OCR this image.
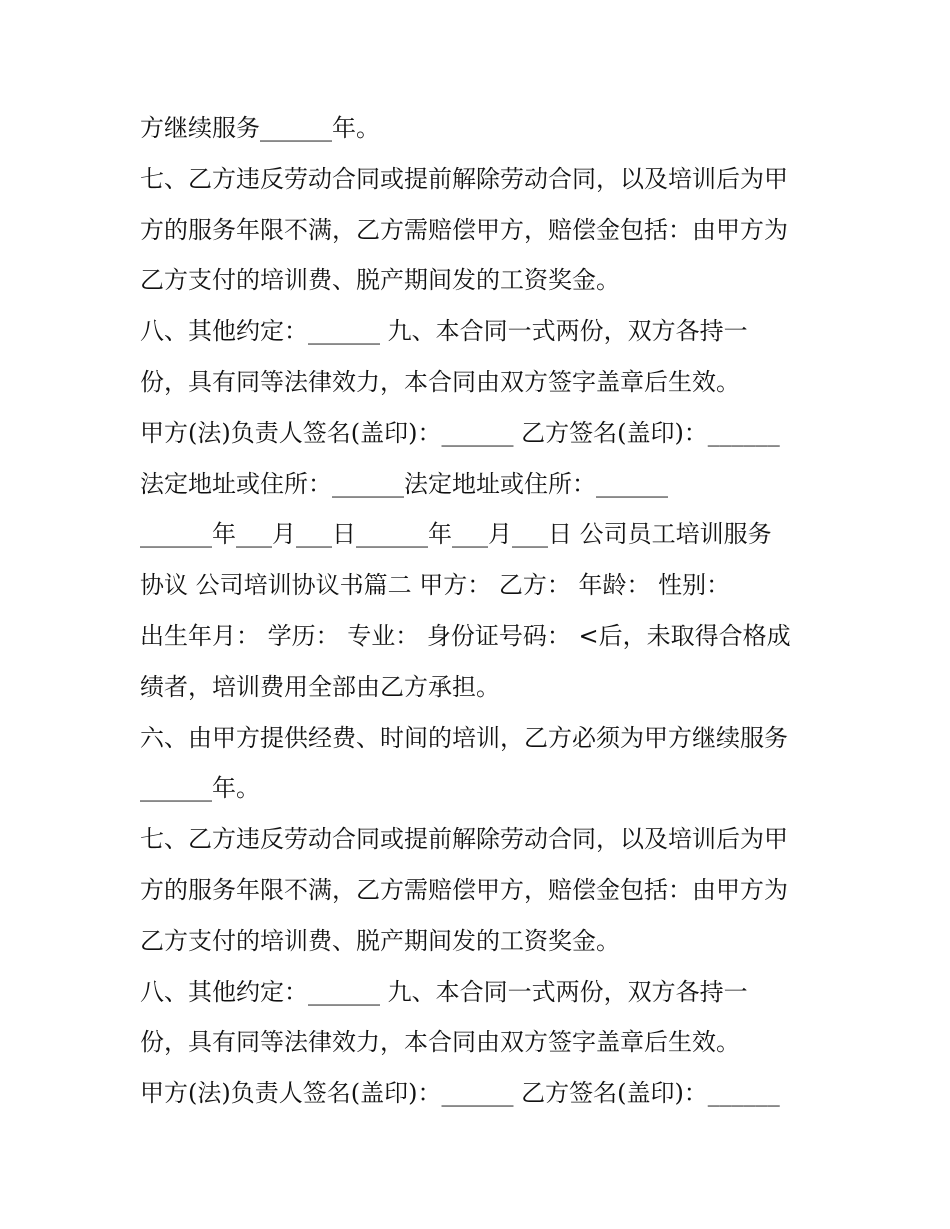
方继续服务______年。

七、乙方违反劳动合同或提前解除劳动合同，以及培训后为甲

方的服务年限不满，乙方需赔偿甲方，赔偿金包括：由甲方为

乙方支付的培训费、脱产期间发的工资奖金。

八、其他约定：______ 九、本合同一式两份，双方各持一

份，具有同等法律效力，本合同由双方签字盖章后生效。

甲方(法)负责人签名(盖印)：______ 乙方签名(盖印)：______

法定地址或住所：______法定地址或住所：______

______年___月___日______年___月___日 公司员工培训服务

协议 公司培训协议书篇二 甲方： 乙方： 年龄： 性别：

出生年月： 学历： 专业： 身份证号码： <后，未取得合格成

绩者，培训费用全部由乙方承担。

六、由甲方提供经费、时间的培训，乙方必须为甲方继续服务

______年。

七、乙方违反劳动合同或提前解除劳动合同，以及培训后为甲

方的服务年限不满，乙方需赔偿甲方，赔偿金包括：由甲方为

乙方支付的培训费、脱产期间发的工资奖金。

八、其他约定：______ 九、本合同一式两份，双方各持一

份，具有同等法律效力，本合同由双方签字盖章后生效。

甲方(法)负责人签名(盖印)：______ 乙方签名(盖印)：______
